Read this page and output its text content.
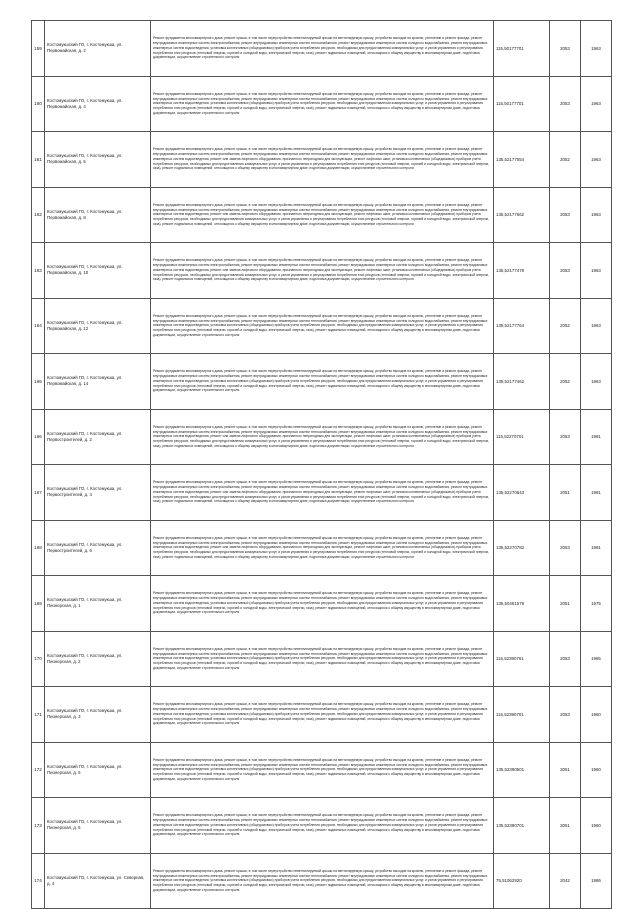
159	Костомукшский ГО, г. Костомукша, ул. Первомайская, д. 2	Ремонт фундамента многоквартирного дома, ремонт крыши, в том числе переустройство невентилируемой крыши на вентилируемую крышу, устройство выходов на кровлю, утепление и ремонт фасада, ремонт внутридомовых инженерных систем электроснабжения, ремонт внутридомовых инженерных систем теплоснабжения, ремонт внутридомовых инженерных систем холодного водоснабжения, ремонт внутридомовых инженерных систем водоотведения, установка коллективных (общедомовых) приборов учета потребления ресурсов, необходимых для предоставления коммунальных услуг, и узлов управления и регулирования потребления этих ресурсов (тепловой энергии, горячей и холодной воды, электрической энергии, газа), ремонт подвальных помещений, относящихся к общему имуществу в многоквартирном доме, подготовка документации, осуществление строительного контроля	115,50177701	2053	1963
160	Костомукшский ГО, г. Костомукша, ул. Первомайская, д. 4	Ремонт фундамента многоквартирного дома, ремонт крыши, в том числе переустройство невентилируемой крыши на вентилируемую крышу, устройство выходов на кровлю, утепление и ремонт фасада, ремонт внутридомовых инженерных систем электроснабжения, ремонт внутридомовых инженерных систем теплоснабжения, ремонт внутридомовых инженерных систем холодного водоснабжения, ремонт внутридомовых инженерных систем водоотведения, установка коллективных (общедомовых) приборов учета потребления ресурсов, необходимых для предоставления коммунальных услуг, и узлов управления и регулирования потребления этих ресурсов (тепловой энергии, горячей и холодной воды, электрической энергии, газа), ремонт подвальных помещений, относящихся к общему имуществу в многоквартирном доме, подготовка документации, осуществление строительного контроля	115,50177701	2053	1963
161	Костомукшский ГО, г. Костомукша, ул. Первомайская, д. 5	Ремонт фундамента многоквартирного дома, ремонт крыши, в том числе переустройство невентилируемой крыши на вентилируемую крышу, устройство выходов на кровлю, утепление и ремонт фасада, ремонт внутридомовых инженерных систем электроснабжения, ремонт внутридомовых инженерных систем теплоснабжения, ремонт внутридомовых инженерных систем холодного водоснабжения, ремонт внутридомовых инженерных систем водоотведения, ремонт или замена лифтового оборудования, признанного непригодным для эксплуатации, ремонт лифтовых шахт, установка коллективных (общедомовых) приборов учета потребления ресурсов, необходимых для предоставления коммунальных услуг, и узлов управления и регулирования потребления этих ресурсов (тепловой энергии, горячей и холодной воды, электрической энергии, газа), ремонт подвальных помещений, относящихся к общему имуществу в многоквартирном доме, подготовка документации, осуществление строительного контроля	135,52177554	2052	1963
162	Костомукшский ГО, г. Костомукша, ул. Первомайская, д. 8	Ремонт фундамента многоквартирного дома, ремонт крыши, в том числе переустройство невентилируемой крыши на вентилируемую крышу, устройство выходов на кровлю, утепление и ремонт фасада, ремонт внутридомовых инженерных систем электроснабжения, ремонт внутридомовых инженерных систем теплоснабжения, ремонт внутридомовых инженерных систем холодного водоснабжения, ремонт внутридомовых инженерных систем водоотведения, ремонт или замена лифтового оборудования, признанного непригодным для эксплуатации, ремонт лифтовых шахт, установка коллективных (общедомовых) приборов учета потребления ресурсов, необходимых для предоставления коммунальных услуг, и узлов управления и регулирования потребления этих ресурсов (тепловой энергии, горячей и холодной воды, электрической энергии, газа), ремонт подвальных помещений, относящихся к общему имуществу в многоквартирном доме, подготовка документации, осуществление строительного контроля	135,52177662	2053	1963
163	Костомукшский ГО, г. Костомукша, ул. Первомайская, д. 10	Ремонт фундамента многоквартирного дома, ремонт крыши, в том числе переустройство невентилируемой крыши на вентилируемую крышу, устройство выходов на кровлю, утепление и ремонт фасада, ремонт внутридомовых инженерных систем электроснабжения, ремонт внутридомовых инженерных систем теплоснабжения, ремонт внутридомовых инженерных систем холодного водоснабжения, ремонт внутридомовых инженерных систем водоотведения, ремонт или замена лифтового оборудования, признанного непригодным для эксплуатации, ремонт лифтовых шахт, установка коллективных (общедомовых) приборов учета потребления ресурсов, необходимых для предоставления коммунальных услуг, и узлов управления и регулирования потребления этих ресурсов (тепловой энергии, горячей и холодной воды, электрической энергии, газа), ремонт подвальных помещений, относящихся к общему имуществу в многоквартирном доме, подготовка документации, осуществление строительного контроля	135,52177478	2053	1963
164	Костомукшский ГО, г. Костомукша, ул. Первомайская, д. 12	Ремонт фундамента многоквартирного дома, ремонт крыши, в том числе переустройство невентилируемой крыши на вентилируемую крышу, устройство выходов на кровлю, утепление и ремонт фасада, ремонт внутридомовых инженерных систем электроснабжения, ремонт внутридомовых инженерных систем теплоснабжения, ремонт внутридомовых инженерных систем холодного водоснабжения, ремонт внутридомовых инженерных систем водоотведения, установка коллективных (общедомовых) приборов учета потребления ресурсов, необходимых для предоставления коммунальных услуг, и узлов управления и регулирования потребления этих ресурсов (тепловой энергии, горячей и холодной воды, электрической энергии, газа), ремонт подвальных помещений, относящихся к общему имуществу в многоквартирном доме, подготовка документации, осуществление строительного контроля	135,52177764	2052	1963
165	Костомукшский ГО, г. Костомукша, ул. Первомайская, д. 14	Ремонт фундамента многоквартирного дома, ремонт крыши, в том числе переустройство невентилируемой крыши на вентилируемую крышу, устройство выходов на кровлю, утепление и ремонт фасада, ремонт внутридомовых инженерных систем электроснабжения, ремонт внутридомовых инженерных систем теплоснабжения, ремонт внутридомовых инженерных систем холодного водоснабжения, ремонт внутридомовых инженерных систем водоотведения, установка коллективных (общедомовых) приборов учета потребления ресурсов, необходимых для предоставления коммунальных услуг, и узлов управления и регулирования потребления этих ресурсов (тепловой энергии, горячей и холодной воды, электрической энергии, газа), ремонт подвальных помещений, относящихся к общему имуществу в многоквартирном доме, подготовка документации, осуществление строительного контроля	135,52177462	2052	1963
166	Костомукшский ГО, г. Костомукша, ул. Первостроителей, д. 2	Ремонт фундамента многоквартирного дома, ремонт крыши, в том числе переустройство невентилируемой крыши на вентилируемую крышу, устройство выходов на кровлю, утепление и ремонт фасада, ремонт внутридомовых инженерных систем электроснабжения, ремонт внутридомовых инженерных систем теплоснабжения, ремонт внутридомовых инженерных систем холодного водоснабжения, ремонт внутридомовых инженерных систем водоотведения, ремонт или замена лифтового оборудования, признанного непригодным для эксплуатации, ремонт лифтовых шахт, установка коллективных (общедомовых) приборов учета потребления ресурсов, необходимых для предоставления коммунальных услуг, и узлов управления и регулирования потребления этих ресурсов (тепловой энергии, горячей и холодной воды, электрической энергии, газа), ремонт подвальных помещений, относящихся к общему имуществу в многоквартирном доме, подготовка документации, осуществление строительного контроля	115,52270701	2053	1981
167	Костомукшский ГО, г. Костомукша, ул. Первостроителей, д. 4	Ремонт фундамента многоквартирного дома, ремонт крыши, в том числе переустройство невентилируемой крыши на вентилируемую крышу, устройство выходов на кровлю, утепление и ремонт фасада, ремонт внутридомовых инженерных систем электроснабжения, ремонт внутридомовых инженерных систем теплоснабжения, ремонт внутридомовых инженерных систем холодного водоснабжения, ремонт внутридомовых инженерных систем водоотведения, ремонт или замена лифтового оборудования, признанного непригодным для эксплуатации, ремонт лифтовых шахт, установка коллективных (общедомовых) приборов учета потребления ресурсов, необходимых для предоставления коммунальных услуг, и узлов управления и регулирования потребления этих ресурсов (тепловой энергии, горячей и холодной воды, электрической энергии, газа), ремонт подвальных помещений, относящихся к общему имуществу в многоквартирном доме, подготовка документации, осуществление строительного контроля	135,52270643	2051	1981
168	Костомукшский ГО, г. Костомукша, ул. Первостроителей, д. 6	Ремонт фундамента многоквартирного дома, ремонт крыши, в том числе переустройство невентилируемой крыши на вентилируемую крышу, устройство выходов на кровлю, утепление и ремонт фасада, ремонт внутридомовых инженерных систем электроснабжения, ремонт внутридомовых инженерных систем теплоснабжения, ремонт внутридомовых инженерных систем холодного водоснабжения, ремонт внутридомовых инженерных систем водоотведения, ремонт или замена лифтового оборудования, признанного непригодным для эксплуатации, ремонт лифтовых шахт, установка коллективных (общедомовых) приборов учета потребления ресурсов, необходимых для предоставления коммунальных услуг, и узлов управления и регулирования потребления этих ресурсов (тепловой энергии, горячей и холодной воды, электрической энергии, газа), ремонт подвальных помещений, относящихся к общему имуществу в многоквартирном доме, подготовка документации, осуществление строительного контроля	135,52270782	2053	1981
169	Костомукшский ГО, г. Костомукша, ул. Пионерская, д. 1	Ремонт фундамента многоквартирного дома, ремонт крыши, в том числе переустройство невентилируемой крыши на вентилируемую крышу, устройство выходов на кровлю, утепление и ремонт фасада, ремонт внутридомовых инженерных систем электроснабжения, ремонт внутридомовых инженерных систем теплоснабжения, ремонт внутридомовых инженерных систем холодного водоснабжения, ремонт внутридомовых инженерных систем водоотведения, установка коллективных (общедомовых) приборов учета потребления ресурсов, необходимых для предоставления коммунальных услуг, и узлов управления и регулирования потребления этих ресурсов (тепловой энергии, горячей и холодной воды, электрической энергии, газа), ремонт подвальных помещений, относящихся к общему имуществу в многоквартирном доме, подготовка документации, осуществление строительного контроля	135,50461578	2051	1975
170	Костомукшский ГО, г. Костомукша, ул. Пионерская, д. 2	Ремонт фундамента многоквартирного дома, ремонт крыши, в том числе переустройство невентилируемой крыши на вентилируемую крышу, устройство выходов на кровлю, утепление и ремонт фасада, ремонт внутридомовых инженерных систем электроснабжения, ремонт внутридомовых инженерных систем теплоснабжения, ремонт внутридомовых инженерных систем холодного водоснабжения, ремонт внутридомовых инженерных систем водоотведения, установка коллективных (общедомовых) приборов учета потребления ресурсов, необходимых для предоставления коммунальных услуг, и узлов управления и регулирования потребления этих ресурсов (тепловой энергии, горячей и холодной воды, электрической энергии, газа), ремонт подвальных помещений, относящихся к общему имуществу в многоквартирном доме, подготовка документации, осуществление строительного контроля	115,52390761	2053	1965
171	Костомукшский ГО, г. Костомукша, ул. Пионерская, д. 3	Ремонт фундамента многоквартирного дома, ремонт крыши, в том числе переустройство невентилируемой крыши на вентилируемую крышу, устройство выходов на кровлю, утепление и ремонт фасада, ремонт внутридомовых инженерных систем электроснабжения, ремонт внутридомовых инженерных систем теплоснабжения, ремонт внутридомовых инженерных систем холодного водоснабжения, ремонт внутридомовых инженерных систем водоотведения, установка коллективных (общедомовых) приборов учета потребления ресурсов, необходимых для предоставления коммунальных услуг, и узлов управления и регулирования потребления этих ресурсов (тепловой энергии, горячей и холодной воды, электрической энергии, газа), ремонт подвальных помещений, относящихся к общему имуществу в многоквартирном доме, подготовка документации, осуществление строительного контроля	115,52390701	2053	1960
172	Костомукшский ГО, г. Костомукша, ул. Пионерская, д. 5	Ремонт фундамента многоквартирного дома, ремонт крыши, в том числе переустройство невентилируемой крыши на вентилируемую крышу, устройство выходов на кровлю, утепление и ремонт фасада, ремонт внутридомовых инженерных систем электроснабжения, ремонт внутридомовых инженерных систем теплоснабжения, ремонт внутридомовых инженерных систем холодного водоснабжения, ремонт внутридомовых инженерных систем водоотведения, установка коллективных (общедомовых) приборов учета потребления ресурсов, необходимых для предоставления коммунальных услуг, и узлов управления и регулирования потребления этих ресурсов (тепловой энергии, горячей и холодной воды, электрической энергии, газа), ремонт подвальных помещений, относящихся к общему имуществу в многоквартирном доме, подготовка документации, осуществление строительного контроля	135,52390501	2051	1960
173	Костомукшский ГО, г. Костомукша, ул. Пионерская, д. 6	Ремонт фундамента многоквартирного дома, ремонт крыши, в том числе переустройство невентилируемой крыши на вентилируемую крышу, устройство выходов на кровлю, утепление и ремонт фасада, ремонт внутридомовых инженерных систем электроснабжения, ремонт внутридомовых инженерных систем теплоснабжения, ремонт внутридомовых инженерных систем холодного водоснабжения, ремонт внутридомовых инженерных систем водоотведения, установка коллективных (общедомовых) приборов учета потребления ресурсов, необходимых для предоставления коммунальных услуг, и узлов управления и регулирования потребления этих ресурсов (тепловой энергии, горячей и холодной воды, электрической энергии, газа), ремонт подвальных помещений, относящихся к общему имуществу в многоквартирном доме, подготовка документации, осуществление строительного контроля	135,52390701	2051	1960
174	Костомукшский ГО, г. Костомукша, ул. Северная, д. 4	Ремонт фундамента многоквартирного дома, ремонт крыши, в том числе переустройство невентилируемой крыши на вентилируемую крышу, устройство выходов на кровлю, утепление и ремонт фасада, ремонт внутридомовых инженерных систем электроснабжения, ремонт внутридомовых инженерных систем теплоснабжения, ремонт внутридомовых инженерных систем холодного водоснабжения, ремонт внутридомовых инженерных систем водоотведения, установка коллективных (общедомовых) приборов учета потребления ресурсов, необходимых для предоставления коммунальных услуг, и узлов управления и регулирования потребления этих ресурсов (тепловой энергии, горячей и холодной воды, электрической энергии, газа), ремонт подвальных помещений, относящихся к общему имуществу в многоквартирном доме, подготовка документации, осуществление строительного контроля	75,51062920	2042	1986
